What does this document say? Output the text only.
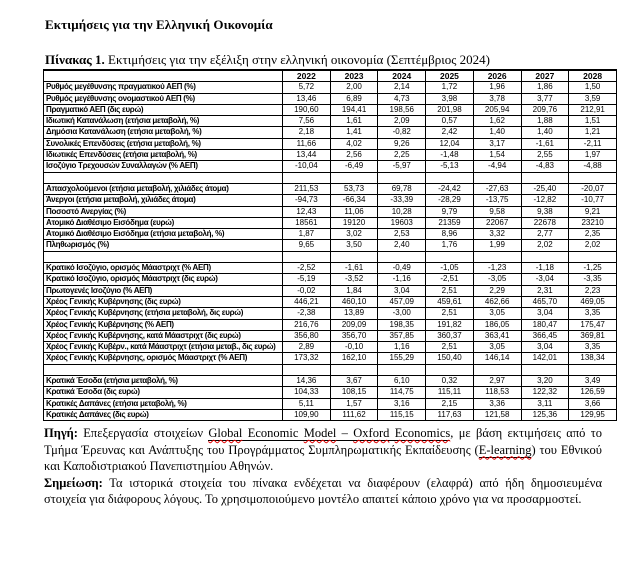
Εκτιμήσεις για την Ελληνική Οικονομία

Πίνακας 1. Εκτιμήσεις για την εξέλιξη στην ελληνική οικονομία (Σεπτέμβριος 2024)

	2022	2023	2024	2025	2026	2027	2028
Ρυθμός μεγέθυνσης πραγματικού ΑΕΠ (%)	5,72	2,00	2,14	1,72	1,96	1,86	1,50
Ρυθμός μεγέθυνσης ονομαστικού ΑΕΠ (%)	13,46	6,89	4,73	3,98	3,78	3,77	3,59
Πραγματικό ΑΕΠ (δις ευρώ)	190,60	194,41	198,56	201,98	205,94	209,76	212,91
Ιδιωτική Κατανάλωση (ετήσια μεταβολή, %)	7,56	1,61	2,09	0,57	1,62	1,88	1,51
Δημόσια Κατανάλωση (ετήσια μεταβολή, %)	2,18	1,41	-0,82	2,42	1,40	1,40	1,21
Συνολικές Επενδύσεις (ετήσια μεταβολή, %)	11,66	4,02	9,26	12,04	3,17	-1,61	-2,11
Ιδιωτικές Επενδύσεις (ετήσια μεταβολή, %)	13,44	2,56	2,25	-1,48	1,54	2,55	1,97
Ισοζύγιο Τρεχουσών Συναλλαγών (% ΑΕΠ)	-10,04	-6,49	-5,97	-5,13	-4,94	-4,83	-4,88

Απασχολούμενοι (ετήσια μεταβολή, χιλιάδες άτομα)	211,53	53,73	69,78	-24,42	-27,63	-25,40	-20,07
Άνεργοι (ετήσια μεταβολή, χιλιάδες άτομα)	-94,73	-66,34	-33,39	-28,29	-13,75	-12,82	-10,77
Ποσοστό Ανεργίας (%)	12,43	11,06	10,28	9,79	9,58	9,38	9,21
Ατομικό Διαθέσιμο Εισόδημα (ευρώ)	18561	19120	19603	21359	22067	22678	23210
Ατομικό Διαθέσιμο Εισόδημα (ετήσια μεταβολή, %)	1,87	3,02	2,53	8,96	3,32	2,77	2,35
Πληθωρισμός (%)	9,65	3,50	2,40	1,76	1,99	2,02	2,02

Κρατικό Ισοζύγιο, ορισμός Μάαστριχτ (% ΑΕΠ)	-2,52	-1,61	-0,49	-1,05	-1,23	-1,18	-1,25
Κρατικό Ισοζύγιο, ορισμός Μάαστριχτ (δις ευρώ)	-5,19	-3,52	-1,16	-2,51	-3,05	-3,04	-3,35
Πρωτογενές Ισοζύγιο (% ΑΕΠ)	-0,02	1,84	3,04	2,51	2,29	2,31	2,23
Χρέος Γενικής Κυβέρνησης (δις ευρώ)	446,21	460,10	457,09	459,61	462,66	465,70	469,05
Χρέος Γενικής Κυβέρνησης (ετήσια μεταβολή, δις ευρώ)	-2,38	13,89	-3,00	2,51	3,05	3,04	3,35
Χρέος Γενικής Κυβέρνησης (% ΑΕΠ)	216,76	209,09	198,35	191,82	186,05	180,47	175,47
Χρέος Γενικής Κυβέρνησης, κατά Μάαστριχτ (δις ευρώ)	356,80	356,70	357,85	360,37	363,41	366,45	369,81
Χρέος Γενικής Κυβέρν., κατά Μάαστριχτ (ετήσια μεταβ., δις ευρώ)	2,89	-0,10	1,16	2,51	3,05	3,04	3,35
Χρέος Γενικής Κυβέρνησης, ορισμός Μάαστριχτ (% ΑΕΠ)	173,32	162,10	155,29	150,40	146,14	142,01	138,34

Κρατικά Έσοδα (ετήσια μεταβολή, %)	14,36	3,67	6,10	0,32	2,97	3,20	3,49
Κρατικά Έσοδα (δις ευρώ)	104,33	108,15	114,75	115,11	118,53	122,32	126,59
Κρατικές Δαπάνες (ετήσια μεταβολή, %)	5,11	1,57	3,16	2,15	3,36	3,11	3,66
Κρατικές Δαπάνες (δις ευρώ)	109,90	111,62	115,15	117,63	121,58	125,36	129,95

Πηγή: Επεξεργασία στοιχείων Global Economic Model – Oxford Economics, με βάση εκτιμήσεις από το Τμήμα Έρευνας και Ανάπτυξης του Προγράμματος Συμπληρωματικής Εκπαίδευσης (E-learning) του Εθνικού και Καποδιστριακού Πανεπιστημίου Αθηνών.

Σημείωση: Τα ιστορικά στοιχεία του πίνακα ενδέχεται να διαφέρουν (ελαφρά) από ήδη δημοσιευμένα στοιχεία για διάφορους λόγους. Το χρησιμοποιούμενο μοντέλο απαιτεί κάποιο χρόνο για να προσαρμοστεί.
